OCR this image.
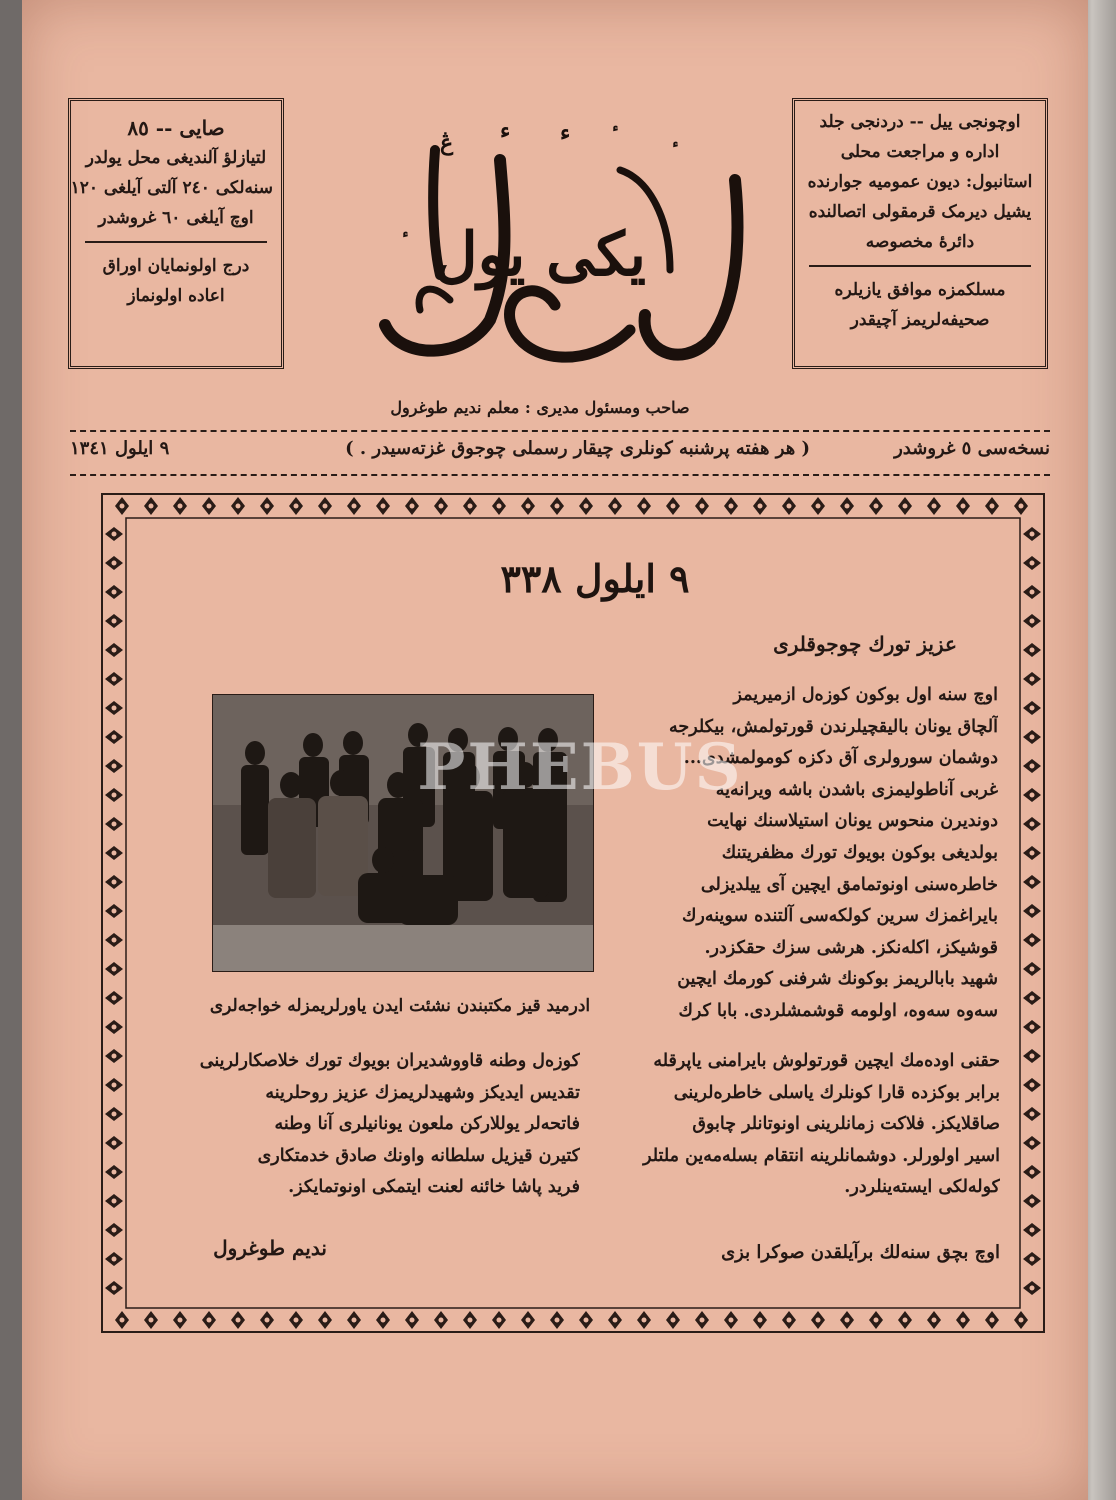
صایی -- ٨٥
لتیازلؤ آلندیغی محل یولدر
سنه‌لکی ٢٤٠ آلتی آیلغی ١٢٠
اوچ آیلغی ٦٠ غروشدر
درج اولونمایان اوراق
اعاده اولونماز
اوچونجی ییل -- دردنجی جلد
اداره و مراجعت محلی
استانبول: دیون عمومیه جوارنده
یشیل دیرمک قرمقولی اتصالنده
دائرهٔ مخصوصه
مسلکمزه موافق یازیلره
صحیفه‌لریمز آچیقدر
یکی یول
ڠ ء ء
صاحب ومسئول مدیری : معلم ندیم طوغرول
نسخه‌سی ٥ غروشدر
( هر هفته پرشنبه کونلری چیقار رسملی چوجوق غزته‌سیدر . )
٩ ایلول ١٣٤١
٩ ایلول ٣٣٨
عزیز تورك چوجوقلری
ادرمید قیز مکتبندن نشئت ایدن یاورلریمزله خواجه‌لری

اوچ سنه اول بوکون کوزه‌ل ازمیریمز

آلچاق یونان بالیقچیلرندن قورتولمش، بیکلرجه

دوشمان سورولری آق دکزه کومولمشدی...

غربی آناطولیمزی باشدن باشه ویرانه‌یه

دوندیرن منحوس یونان استیلاسنك نهایت

بولدیغی بوکون بویوك تورك مظفریتنك

خاطره‌سنی اونوتمامق ایچین آی ییلدیزلی

بایراغمزك سرین کولکه‌سی آلتنده سوینه‌رك

قوشیکز، اکله‌نکز. هرشی سزك حقکزدر.

شهید بابالریمز بوکونك شرفنی کورمك ایچین

سه‌وه سه‌وه، اولومه قوشمشلردی. بابا کرك

حقنی اوده‌مك ایچین قورتولوش بایرامنی یاپرقله

برابر بوکزده قارا کونلرك یاسلی خاطره‌لرینی

صاقلایکز. فلاکت زمانلرینی اونوتانلر چابوق

اسیر اولورلر. دوشمانلرینه انتقام بسله‌مه‌ین ملتلر

کوله‌لکی ایسته‌ینلردر.

کوزه‌ل وطنه قاووشدیران بویوك تورك خلاصکارلرینی

تقدیس ایدیکز وشهیدلریمزك عزیز روحلرینه

فاتحه‌لر یوللارکن ملعون یونانیلری آنا وطنه

کتیرن قیزیل سلطانه واونك صادق خدمتکاری

فرید پاشا خائنه لعنت ایتمکی اونوتمایکز.

ندیم طوغرول	اوچ بچق سنه‌لك برآیلقدن صوکرا بزی
PHEBUS
